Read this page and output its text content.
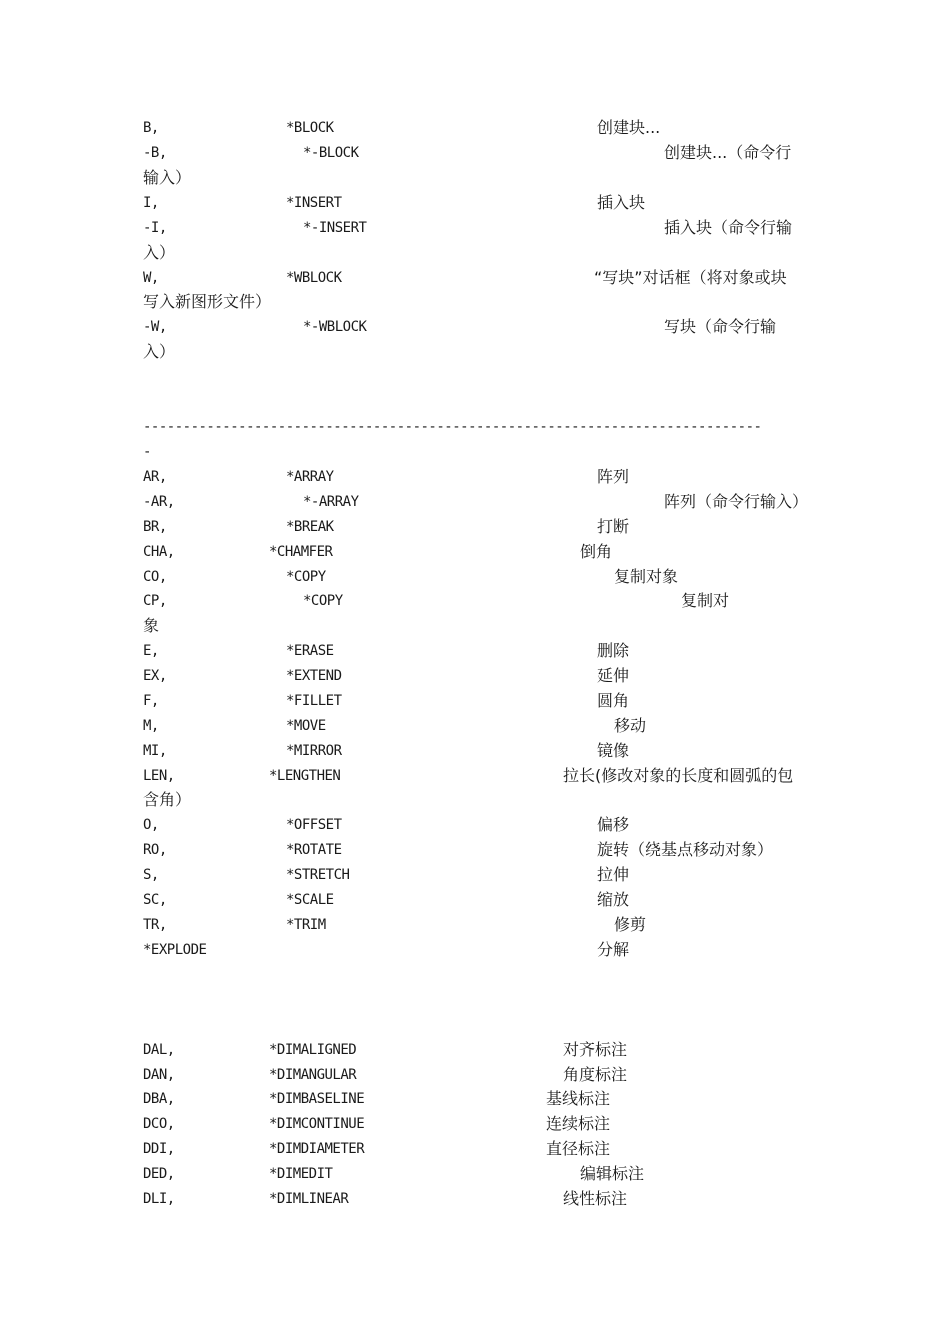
B,	*BLOCK	创建块...
-B,	*-BLOCK	创建块...（命令行
输入）
I,	*INSERT	插入块
-I,	*-INSERT	插入块（命令行输
入）
W,	*WBLOCK	“写块”对话框（将对象或块
写入新图形文件）
-W,	*-WBLOCK	写块（命令行输
入）
------------------------------------------------------------------------------
-
AR,	*ARRAY	阵列
-AR,	*-ARRAY	阵列（命令行输入）
BR,	*BREAK	打断
CHA,	*CHAMFER	倒角
CO,	*COPY	复制对象
CP,	*COPY	复制对
象
E,	*ERASE	删除
EX,	*EXTEND	延伸
F,	*FILLET	圆角
M,	*MOVE	移动
MI,	*MIRROR	镜像
LEN,	*LENGTHEN	拉长(修改对象的长度和圆弧的包
含角）
O,	*OFFSET	偏移
RO,	*ROTATE	旋转（绕基点移动对象）
S,	*STRETCH	拉伸
SC,	*SCALE	缩放
TR,	*TRIM	修剪
*EXPLODE	分解
DAL,	*DIMALIGNED	对齐标注
DAN,	*DIMANGULAR	角度标注
DBA,	*DIMBASELINE	基线标注
DCO,	*DIMCONTINUE	连续标注
DDI,	*DIMDIAMETER	直径标注
DED,	*DIMEDIT	编辑标注
DLI,	*DIMLINEAR	线性标注
